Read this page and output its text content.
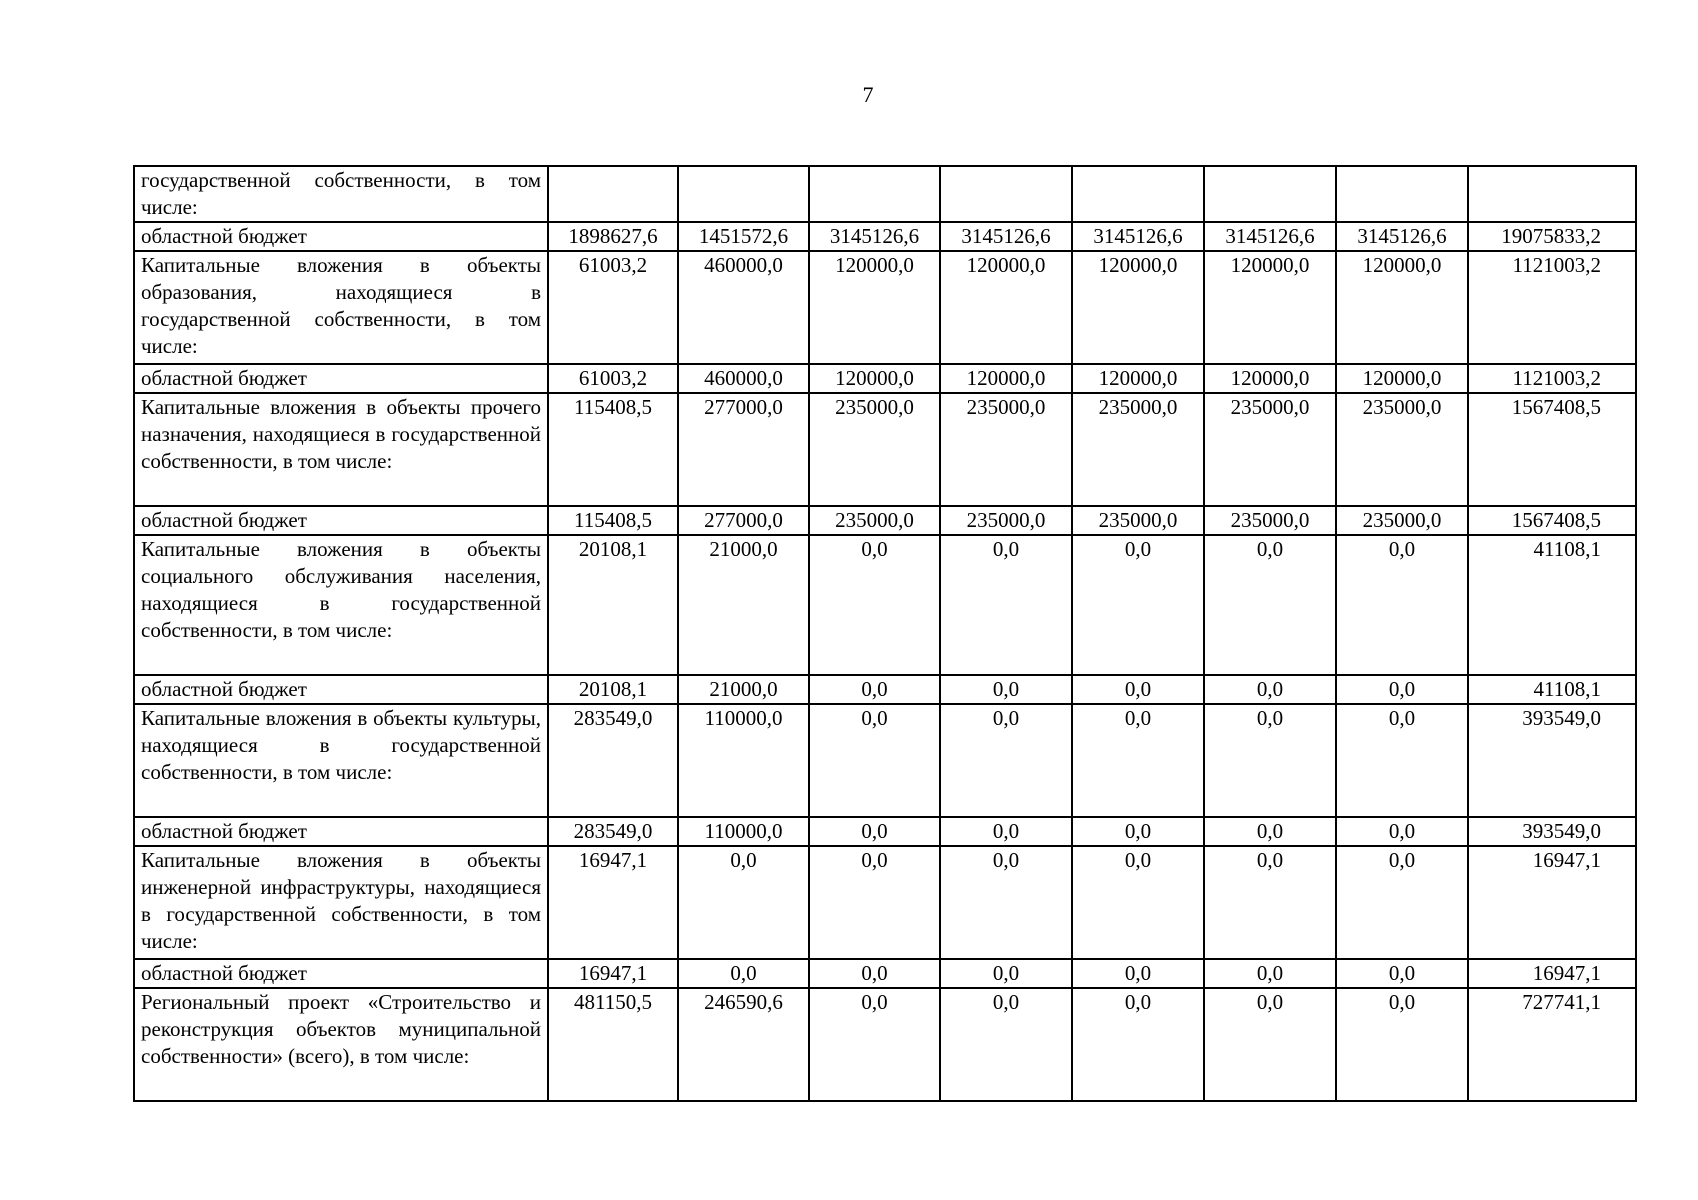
7
государственной собственности, в том числе:								
областной бюджет	1898627,6	1451572,6	3145126,6	3145126,6	3145126,6	3145126,6	3145126,6	19075833,2
Капитальные вложения в объекты образования, находящиеся в государственной собственности, в том числе:	61003,2	460000,0	120000,0	120000,0	120000,0	120000,0	120000,0	1121003,2
областной бюджет	61003,2	460000,0	120000,0	120000,0	120000,0	120000,0	120000,0	1121003,2
Капитальные вложения в объекты прочего назначения, находящиеся в государственной собственности, в том числе:	115408,5	277000,0	235000,0	235000,0	235000,0	235000,0	235000,0	1567408,5
областной бюджет	115408,5	277000,0	235000,0	235000,0	235000,0	235000,0	235000,0	1567408,5
Капитальные вложения в объекты социального обслуживания населения, находящиеся в государственной собственности, в том числе:	20108,1	21000,0	0,0	0,0	0,0	0,0	0,0	41108,1
областной бюджет	20108,1	21000,0	0,0	0,0	0,0	0,0	0,0	41108,1
Капитальные вложения в объекты культуры, находящиеся в государственной собственности, в том числе:	283549,0	110000,0	0,0	0,0	0,0	0,0	0,0	393549,0
областной бюджет	283549,0	110000,0	0,0	0,0	0,0	0,0	0,0	393549,0
Капитальные вложения в объекты инженерной инфраструктуры, находящиеся в государственной собственности, в том числе:	16947,1	0,0	0,0	0,0	0,0	0,0	0,0	16947,1
областной бюджет	16947,1	0,0	0,0	0,0	0,0	0,0	0,0	16947,1
Региональный проект «Строительство и реконструкция объектов муниципальной собственности» (всего), в том числе:	481150,5	246590,6	0,0	0,0	0,0	0,0	0,0	727741,1
